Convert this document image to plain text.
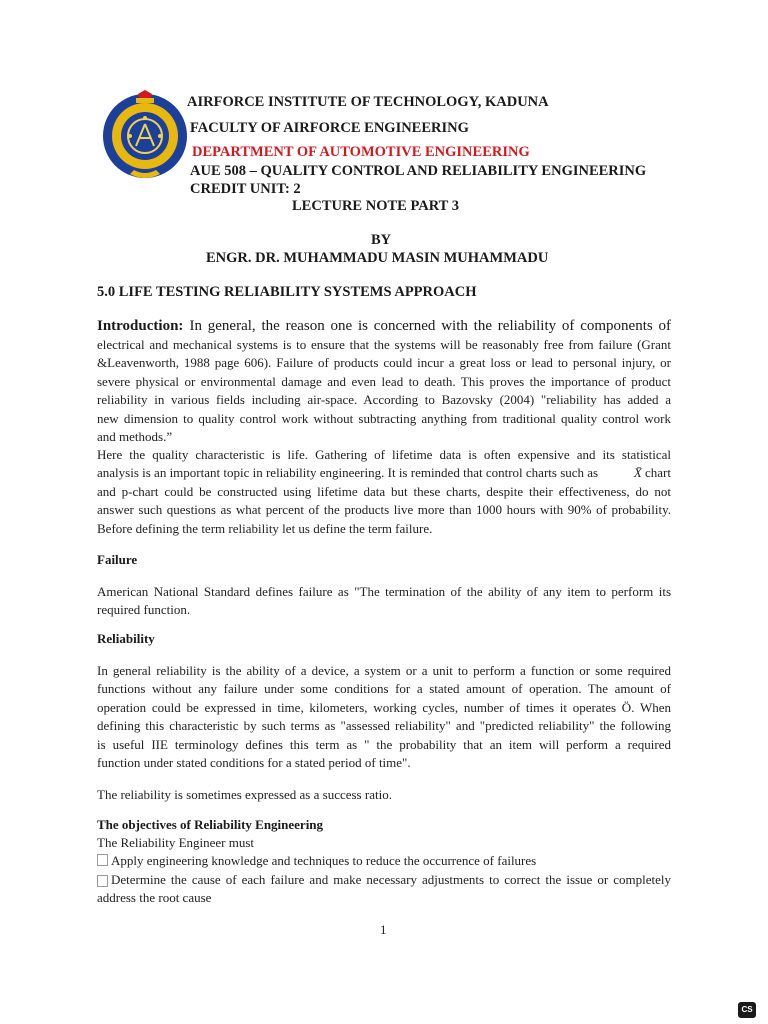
AIRFORCE INSTITUTE OF TECHNOLOGY, KADUNA
FACULTY OF AIRFORCE ENGINEERING
DEPARTMENT OF AUTOMOTIVE ENGINEERING
AUE 508 – QUALITY CONTROL AND RELIABILITY ENGINEERING
CREDIT UNIT: 2
LECTURE NOTE PART 3
BY
ENGR. DR. MUHAMMADU MASIN MUHAMMADU
5.0 LIFE TESTING RELIABILITY SYSTEMS APPROACH
Introduction: In general, the reason one is concerned with the reliability of components of
electrical and mechanical systems is to ensure that the systems will be reasonably free from failure (Grant
&Leavenworth, 1988 page 606). Failure of products could incur a great loss or lead to personal injury, or
severe physical or environmental damage and even lead to death. This proves the importance of product
reliability in various fields including air-space. According to Bazovsky (2004) "reliability has added a
new dimension to quality control work without subtracting anything from traditional quality control work
and methods.”
Here the quality characteristic is life. Gathering of lifetime data is often expensive and its statistical
analysis is an important topic in reliability engineering. It is reminded that control charts such as	X̄ chart
and p-chart could be constructed using lifetime data but these charts, despite their effectiveness, do not
answer such questions as what percent of the products live more than 1000 hours with 90% of probability.
Before defining the term reliability let us define the term failure.
Failure
American National Standard defines failure as "The termination of the ability of any item to perform its
required function.
Reliability
In general reliability is the ability of a device, a system or a unit to perform a function or some required
functions without any failure under some conditions for a stated amount of operation. The amount of
operation could be expressed in time, kilometers, working cycles, number of times it operates Ö. When
defining this characteristic by such terms as "assessed reliability" and "predicted reliability" the following
is useful IIE terminology defines this term as " the probability that an item will perform a required
function under stated conditions for a stated period of time".
The reliability is sometimes expressed as a success ratio.
The objectives of Reliability Engineering
The Reliability Engineer must
Apply engineering knowledge and techniques to reduce the occurrence of failures
Determine the cause of each failure and make necessary adjustments to correct the issue or completely
address the root cause
1
CS
